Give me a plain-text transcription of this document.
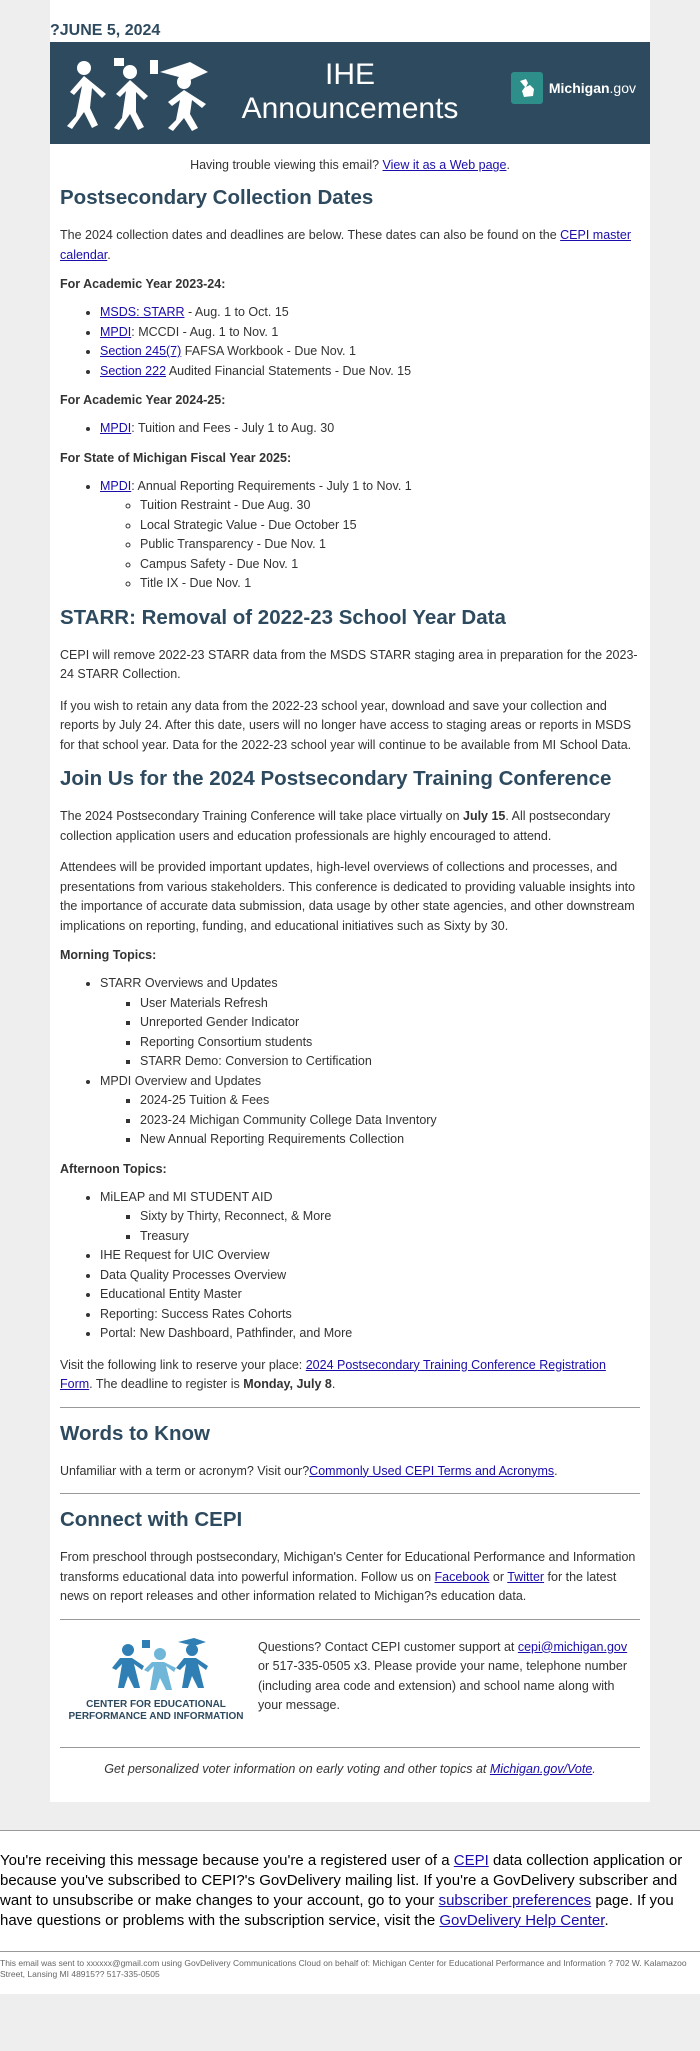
?JUNE 5, 2024
IHE Announcements
Michigan.gov
Having trouble viewing this email? View it as a Web page.
Postsecondary Collection Dates

The 2024 collection dates and deadlines are below. These dates can also be found on the CEPI master calendar.

For Academic Year 2023-24:
• MSDS: STARR - Aug. 1 to Oct. 15
• MPDI: MCCDI - Aug. 1 to Nov. 1
• Section 245(7) FAFSA Workbook - Due Nov. 1
• Section 222 Audited Financial Statements - Due Nov. 15
For Academic Year 2024-25:
• MPDI: Tuition and Fees - July 1 to Aug. 30
For State of Michigan Fiscal Year 2025:
• MPDI: Annual Reporting Requirements - July 1 to Nov. 1
◦ Tuition Restraint - Due Aug. 30
◦ Local Strategic Value - Due October 15
◦ Public Transparency - Due Nov. 1
◦ Campus Safety - Due Nov. 1
◦ Title IX - Due Nov. 1
STARR: Removal of 2022-23 School Year Data

CEPI will remove 2022-23 STARR data from the MSDS STARR staging area in preparation for the 2023-24 STARR Collection.

If you wish to retain any data from the 2022-23 school year, download and save your collection and reports by July 24. After this date, users will no longer have access to staging areas or reports in MSDS for that school year. Data for the 2022-23 school year will continue to be available from MI School Data.

Join Us for the 2024 Postsecondary Training Conference

The 2024 Postsecondary Training Conference will take place virtually on July 15. All postsecondary collection application users and education professionals are highly encouraged to attend.

Attendees will be provided important updates, high-level overviews of collections and processes, and presentations from various stakeholders. This conference is dedicated to providing valuable insights into the importance of accurate data submission, data usage by other state agencies, and other downstream implications on reporting, funding, and educational initiatives such as Sixty by 30.

Morning Topics:
• STARR Overviews and Updates
▪ User Materials Refresh
▪ Unreported Gender Indicator
▪ Reporting Consortium students
▪ STARR Demo: Conversion to Certification
• MPDI Overview and Updates
▪ 2024-25 Tuition & Fees
▪ 2023-24 Michigan Community College Data Inventory
▪ New Annual Reporting Requirements Collection
Afternoon Topics:
• MiLEAP and MI STUDENT AID
▪ Sixty by Thirty, Reconnect, & More
▪ Treasury
• IHE Request for UIC Overview
• Data Quality Processes Overview
• Educational Entity Master
• Reporting: Success Rates Cohorts
• Portal: New Dashboard, Pathfinder, and More

Visit the following link to reserve your place: 2024 Postsecondary Training Conference Registration Form. The deadline to register is Monday, July 8.

Words to Know

Unfamiliar with a term or acronym? Visit our?Commonly Used CEPI Terms and Acronyms.

Connect with CEPI

From preschool through postsecondary, Michigan's Center for Educational Performance and Information transforms educational data into powerful information. Follow us on Facebook or Twitter for the latest news on report releases and other information related to Michigan?s education data.

CENTER FOR EDUCATIONAL
PERFORMANCE AND INFORMATION
Questions? Contact CEPI customer support at cepi@michigan.gov or 517-335-0505 x3. Please provide your name, telephone number (including area code and extension) and school name along with your message.
Get personalized voter information on early voting and other topics at Michigan.gov/Vote.

You're receiving this message because you're a registered user of a CEPI data collection application or because you've subscribed to CEPI?'s GovDelivery mailing list. If you're a GovDelivery subscriber and want to unsubscribe or make changes to your account, go to your subscriber preferences page. If you have questions or problems with the subscription service, visit the GovDelivery Help Center.

This email was sent to xxxxxx@gmail.com using GovDelivery Communications Cloud on behalf of: Michigan Center for Educational Performance and Information ? 702 W. Kalamazoo Street, Lansing MI 48915?? 517-335-0505
